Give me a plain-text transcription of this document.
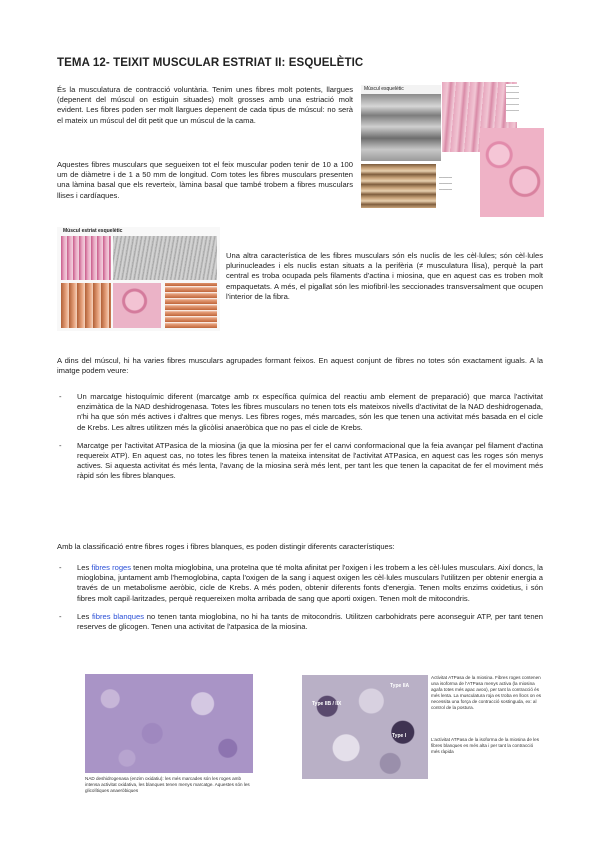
TEMA 12- TEIXIT MUSCULAR ESTRIAT II: ESQUELÈTIC
És la musculatura de contracció voluntària. Tenim unes fibres molt potents, llargues (depenent del múscul on estiguin situades) molt grosses amb una estriació molt evident. Les fibres poden ser molt llargues depenent de cada tipus de múscul: no serà el mateix un múscul del dit petit que un múscul de la cama.
Aquestes fibres musculars que segueixen tot el feix muscular poden tenir de 10 a 100 um de diàmetre i de 1 a 50 mm de longitud. Com totes les fibres musculars presenten una làmina basal que els reverteix, làmina basal que també trobem a fibres musculars llises i cardíaques.
Múscul esquelètic	────
────
────
────
────
────
────
────
Múscul estriat esquelètic
Una altra característica de les fibres musculars són els nuclis de les cèl·lules; són cèl·lules plurinucleades i els nuclis estan situats a la perifèria (≠ musculatura llisa), perquè la part central es troba ocupada pels filaments d'actina i miosina, que en aquest cas es troben molt empaquetats. A més, el pigallat són les miofibril·les seccionades transversalment que ocupen l'interior de la fibra.
A dins del múscul, hi ha varies fibres musculars agrupades formant feixos. En aquest conjunt de fibres no totes són exactament iguals. A la imatge podem veure:
- Un marcatge histoquímic diferent (marcatge amb rx específica química del reactiu amb element de preparació) que marca l'activitat enzimàtica de la NAD deshidrogenasa. Totes les fibres musculars no tenen tots els mateixos nivells d'activitat de la NAD deshidrogenada, n'hi ha que són més actives i d'altres que menys. Les fibres roges, més marcades, són les que tenen una activitat més basada en el cicle de Krebs. Les altres utilitzen més la glicòlisi anaeròbica que no pas el cicle de Krebs.
- Marcatge per l'activitat ATPasica de la miosina (ja que la miosina per fer el canvi conformacional que la feia avançar pel filament d'actina requereix ATP). En aquest cas, no totes les fibres tenen la mateixa intensitat de l'activitat ATPasica, en aquest cas les roges són menys actives. Si aquesta activitat és més lenta, l'avanç de la miosina serà més lent, per tant les que tenen la capacitat de fer el moviment més ràpid són les fibres blanques.
Amb la classificació entre fibres roges i fibres blanques, es poden distingir diferents característiques:
- Les fibres roges tenen molta mioglobina, una proteïna que té molta afinitat per l'oxigen i les trobem a les cèl·lules musculars. Així doncs, la mioglobina, juntament amb l'hemoglobina, capta l'oxigen de la sang i aquest oxigen les cèl·lules musculars l'utilitzen per obtenir energia a través de un metabolisme aeròbic, cicle de Krebs. A més poden, obtenir diferents fonts d'energia. Tenen molts enzims oxidetius, i són fibres molt capil·laritzades, perquè requereixen molta arribada de sang que aporti oxigen. Tenen molt de mitocondris.
- Les fibres blanques no tenen tanta mioglobina, no hi ha tants de mitocondris. Utilitzen carbohidrats pere aconseguir ATP, per tant tenen reserves de glicogen. Tenen una activitat de l'atpasica de la miosina.
NAD deshidrogenasa (enzim oxidatiu): les més marcades són les roges amb intensa activitat oxidativa, les blanques tenen menys marcatge. Aquestes són les glicolítiques anaeròbiques
Type IIA
Type IIB / IIX
Type I
Activitat ATPasa de la miosina. Fibres roges contenen una isoforma de l'ATPasa menys activa (la miosina agafa totes més apac avoo), per tant la contracció és més lenta. La musculatura roja es troba en llocs on es necessita una força de contracció sostinguda, ex: al control de la postura.
L'activitat ATPasa de la isoforma de la miosina de les fibres blanques es més alta i per tant la contracció més ràpida
